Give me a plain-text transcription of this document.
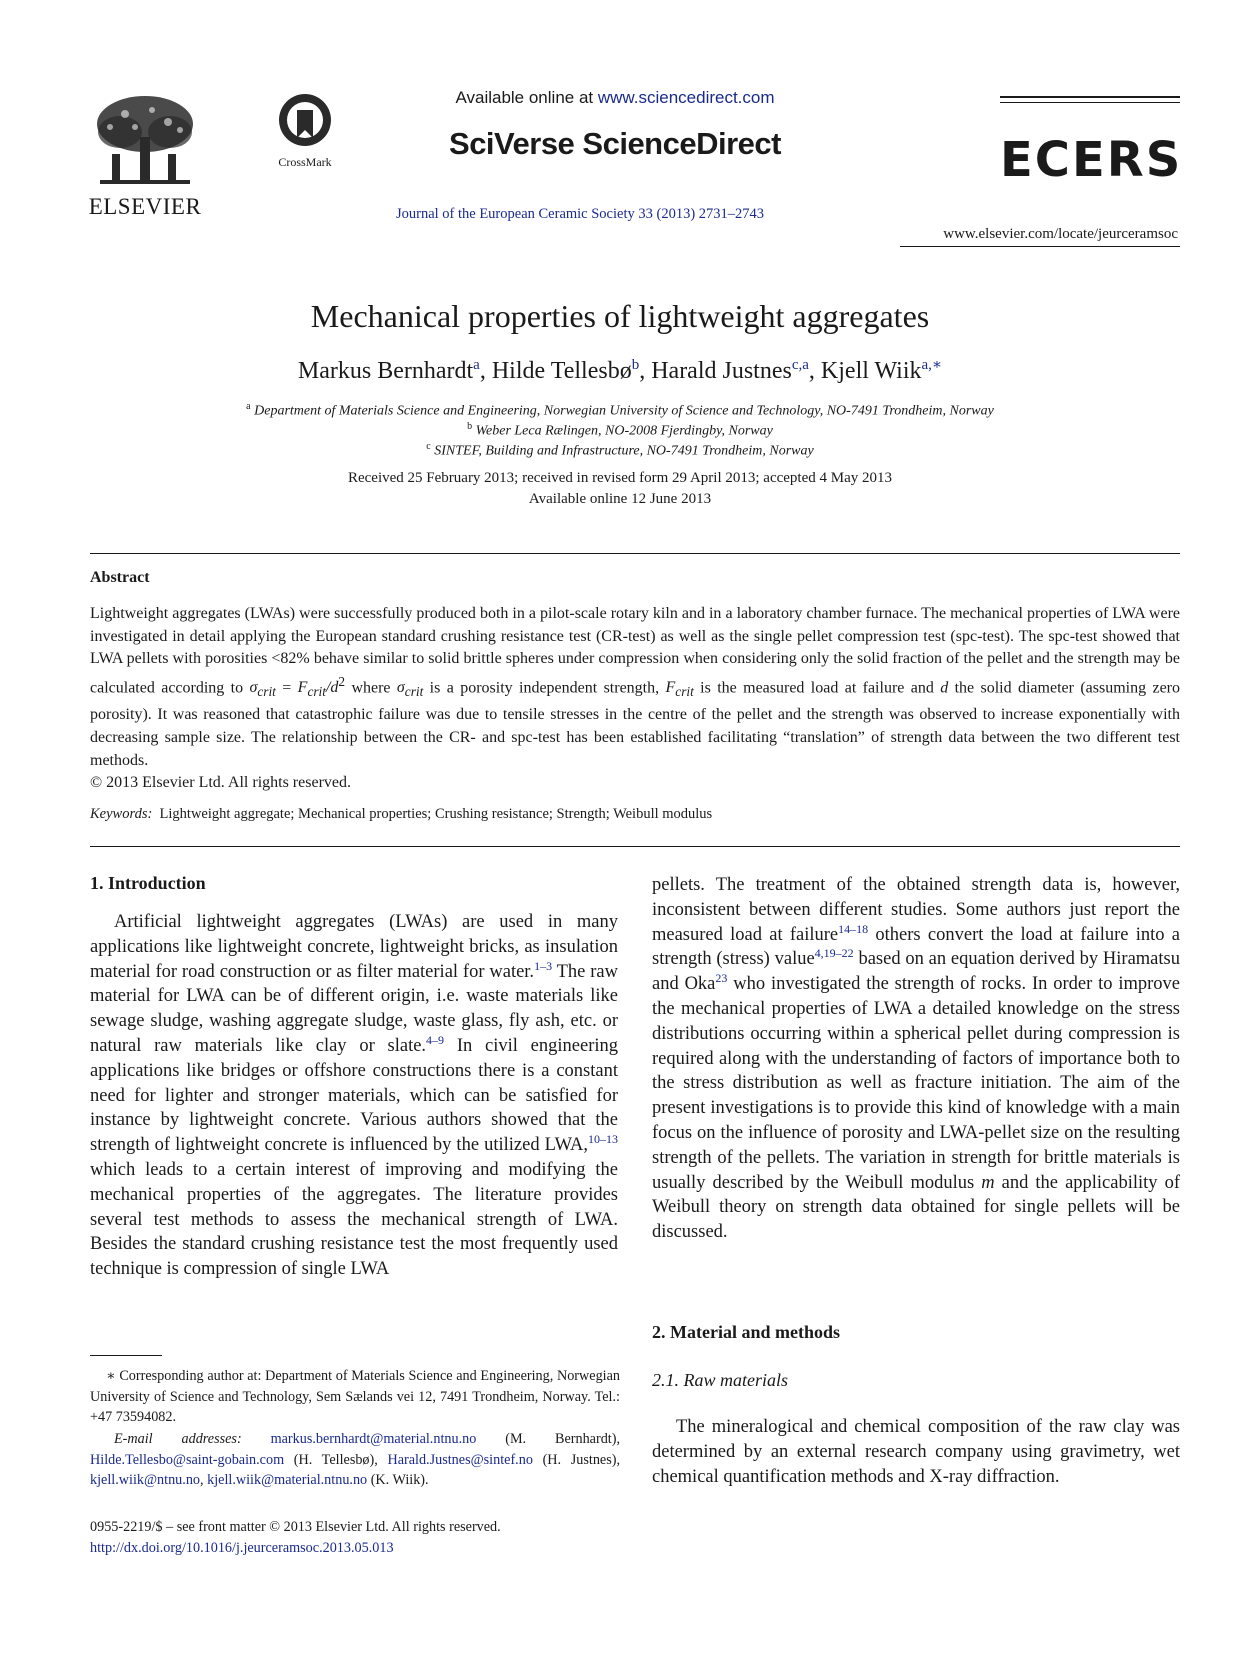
ELSEVIER
CrossMark
Available online at www.sciencedirect.com
SciVerse ScienceDirect
Journal of the European Ceramic Society 33 (2013) 2731–2743
ECERS
www.elsevier.com/locate/jeurceramsoc
Mechanical properties of lightweight aggregates
Markus Bernhardt$^a$, Hilde Tellesbø$^b$, Harald Justnes$^{c,a}$, Kjell Wiik$^{a,∗}$
$^a$ Department of Materials Science and Engineering, Norwegian University of Science and Technology, NO-7491 Trondheim, Norway
$^b$ Weber Leca Rælingen, NO-2008 Fjerdingby, Norway
$^c$ SINTEF, Building and Infrastructure, NO-7491 Trondheim, Norway
Received 25 February 2013; received in revised form 29 April 2013; accepted 4 May 2013
Available online 12 June 2013
Abstract
Lightweight aggregates (LWAs) were successfully produced both in a pilot-scale rotary kiln and in a laboratory chamber furnace. The mechanical properties of LWA were investigated in detail applying the European standard crushing resistance test (CR-test) as well as the single pellet compression test (spc-test). The spc-test showed that LWA pellets with porosities <82% behave similar to solid brittle spheres under compression when considering only the solid fraction of the pellet and the strength may be calculated according to $\sigma_{crit} = F_{crit}/d^2$ where $\sigma_{crit}$ is a porosity independent strength, $F_{crit}$ is the measured load at failure and d the solid diameter (assuming zero porosity). It was reasoned that catastrophic failure was due to tensile stresses in the centre of the pellet and the strength was observed to increase exponentially with decreasing sample size. The relationship between the CR- and spc-test has been established facilitating “translation” of strength data between the two different test methods.
© 2013 Elsevier Ltd. All rights reserved.
Keywords: Lightweight aggregate; Mechanical properties; Crushing resistance; Strength; Weibull modulus
1. Introduction
Artificial lightweight aggregates (LWAs) are used in many applications like lightweight concrete, lightweight bricks, as insulation material for road construction or as filter material for water.$^{1-3}$ The raw material for LWA can be of different origin, i.e. waste materials like sewage sludge, washing aggregate sludge, waste glass, fly ash, etc. or natural raw materials like clay or slate.$^{4-9}$ In civil engineering applications like bridges or offshore constructions there is a constant need for lighter and stronger materials, which can be satisfied for instance by lightweight concrete. Various authors showed that the strength of lightweight concrete is influenced by the utilized LWA,$^{10-13}$ which leads to a certain interest of improving and modifying the mechanical properties of the aggregates. The literature provides several test methods to assess the mechanical strength of LWA. Besides the standard crushing resistance test the most frequently used technique is compression of single LWA
∗ Corresponding author at: Department of Materials Science and Engineering, Norwegian University of Science and Technology, Sem Sælands vei 12, 7491 Trondheim, Norway. Tel.: +47 73594082.
E-mail addresses: markus.bernhardt@material.ntnu.no (M. Bernhardt), Hilde.Tellesbo@saint-gobain.com (H. Tellesbø), Harald.Justnes@sintef.no (H. Justnes), kjell.wiik@ntnu.no, kjell.wiik@material.ntnu.no (K. Wiik).
0955-2219/$ – see front matter © 2013 Elsevier Ltd. All rights reserved.
http://dx.doi.org/10.1016/j.jeurceramsoc.2013.05.013
pellets. The treatment of the obtained strength data is, however, inconsistent between different studies. Some authors just report the measured load at failure$^{14-18}$ others convert the load at failure into a strength (stress) value$^{4,19-22}$ based on an equation derived by Hiramatsu and Oka$^{23}$ who investigated the strength of rocks. In order to improve the mechanical properties of LWA a detailed knowledge on the stress distributions occurring within a spherical pellet during compression is required along with the understanding of factors of importance both to the stress distribution as well as fracture initiation. The aim of the present investigations is to provide this kind of knowledge with a main focus on the influence of porosity and LWA-pellet size on the resulting strength of the pellets. The variation in strength for brittle materials is usually described by the Weibull modulus m and the applicability of Weibull theory on strength data obtained for single pellets will be discussed.
2. Material and methods
2.1. Raw materials
The mineralogical and chemical composition of the raw clay was determined by an external research company using gravimetry, wet chemical quantification methods and X-ray diffraction.
